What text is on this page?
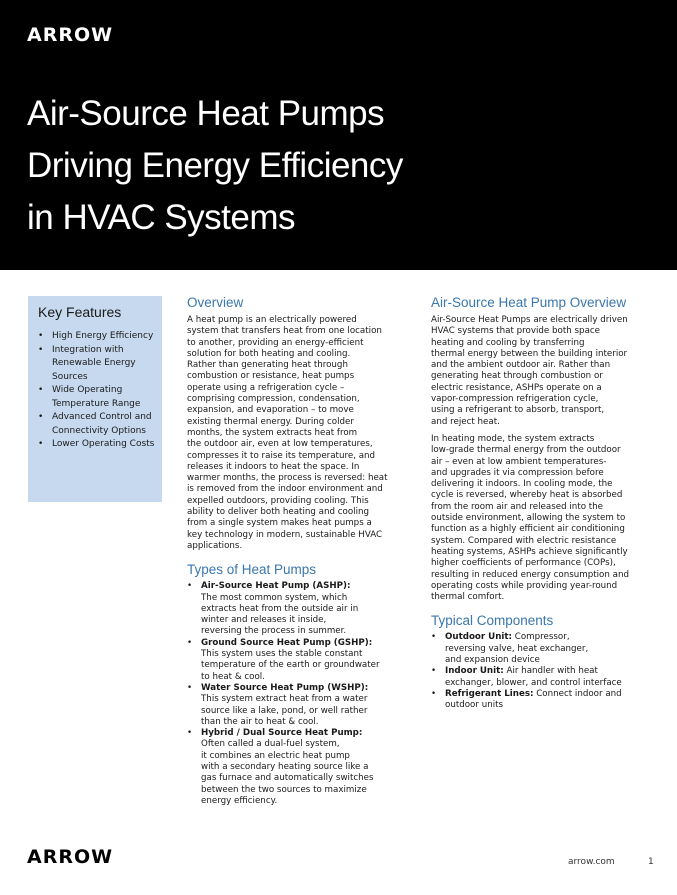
ARROW
Air-Source Heat Pumps
Driving Energy Efficiency
in HVAC Systems
Key Features
• High Energy Efficiency
• Integration with Renewable Energy Sources
• Wide Operating Temperature Range
• Advanced Control and Connectivity Options
• Lower Operating Costs
Overview
A heat pump is an electrically powered
system that transfers heat from one location
to another, providing an energy-efficient
solution for both heating and cooling.
Rather than generating heat through
combustion or resistance, heat pumps
operate using a refrigeration cycle –
comprising compression, condensation,
expansion, and evaporation – to move
existing thermal energy. During colder
months, the system extracts heat from
the outdoor air, even at low temperatures,
compresses it to raise its temperature, and
releases it indoors to heat the space. In
warmer months, the process is reversed: heat
is removed from the indoor environment and
expelled outdoors, providing cooling. This
ability to deliver both heating and cooling
from a single system makes heat pumps a
key technology in modern, sustainable HVAC
applications.
Types of Heat Pumps
• Air-Source Heat Pump (ASHP):
The most common system, which
extracts heat from the outside air in
winter and releases it inside,
reversing the process in summer.
• Ground Source Heat Pump (GSHP):
This system uses the stable constant
temperature of the earth or groundwater
to heat & cool.
• Water Source Heat Pump (WSHP):
This system extract heat from a water
source like a lake, pond, or well rather
than the air to heat & cool.
• Hybrid / Dual Source Heat Pump:
Often called a dual-fuel system,
it combines an electric heat pump
with a secondary heating source like a
gas furnace and automatically switches
between the two sources to maximize
energy efficiency.
Air-Source Heat Pump Overview
Air-Source Heat Pumps are electrically driven
HVAC systems that provide both space
heating and cooling by transferring
thermal energy between the building interior
and the ambient outdoor air. Rather than
generating heat through combustion or
electric resistance, ASHPs operate on a
vapor-compression refrigeration cycle,
using a refrigerant to absorb, transport,
and reject heat.
In heating mode, the system extracts
low-grade thermal energy from the outdoor
air – even at low ambient temperatures-
and upgrades it via compression before
delivering it indoors. In cooling mode, the
cycle is reversed, whereby heat is absorbed
from the room air and released into the
outside environment, allowing the system to
function as a highly efficient air conditioning
system. Compared with electric resistance
heating systems, ASHPs achieve significantly
higher coefficients of performance (COPs),
resulting in reduced energy consumption and
operating costs while providing year-round
thermal comfort.
Typical Components
• Outdoor Unit: Compressor,
reversing valve, heat exchanger,
and expansion device
• Indoor Unit: Air handler with heat
exchanger, blower, and control interface
• Refrigerant Lines: Connect indoor and
outdoor units
ARROW	arrow.com	1
